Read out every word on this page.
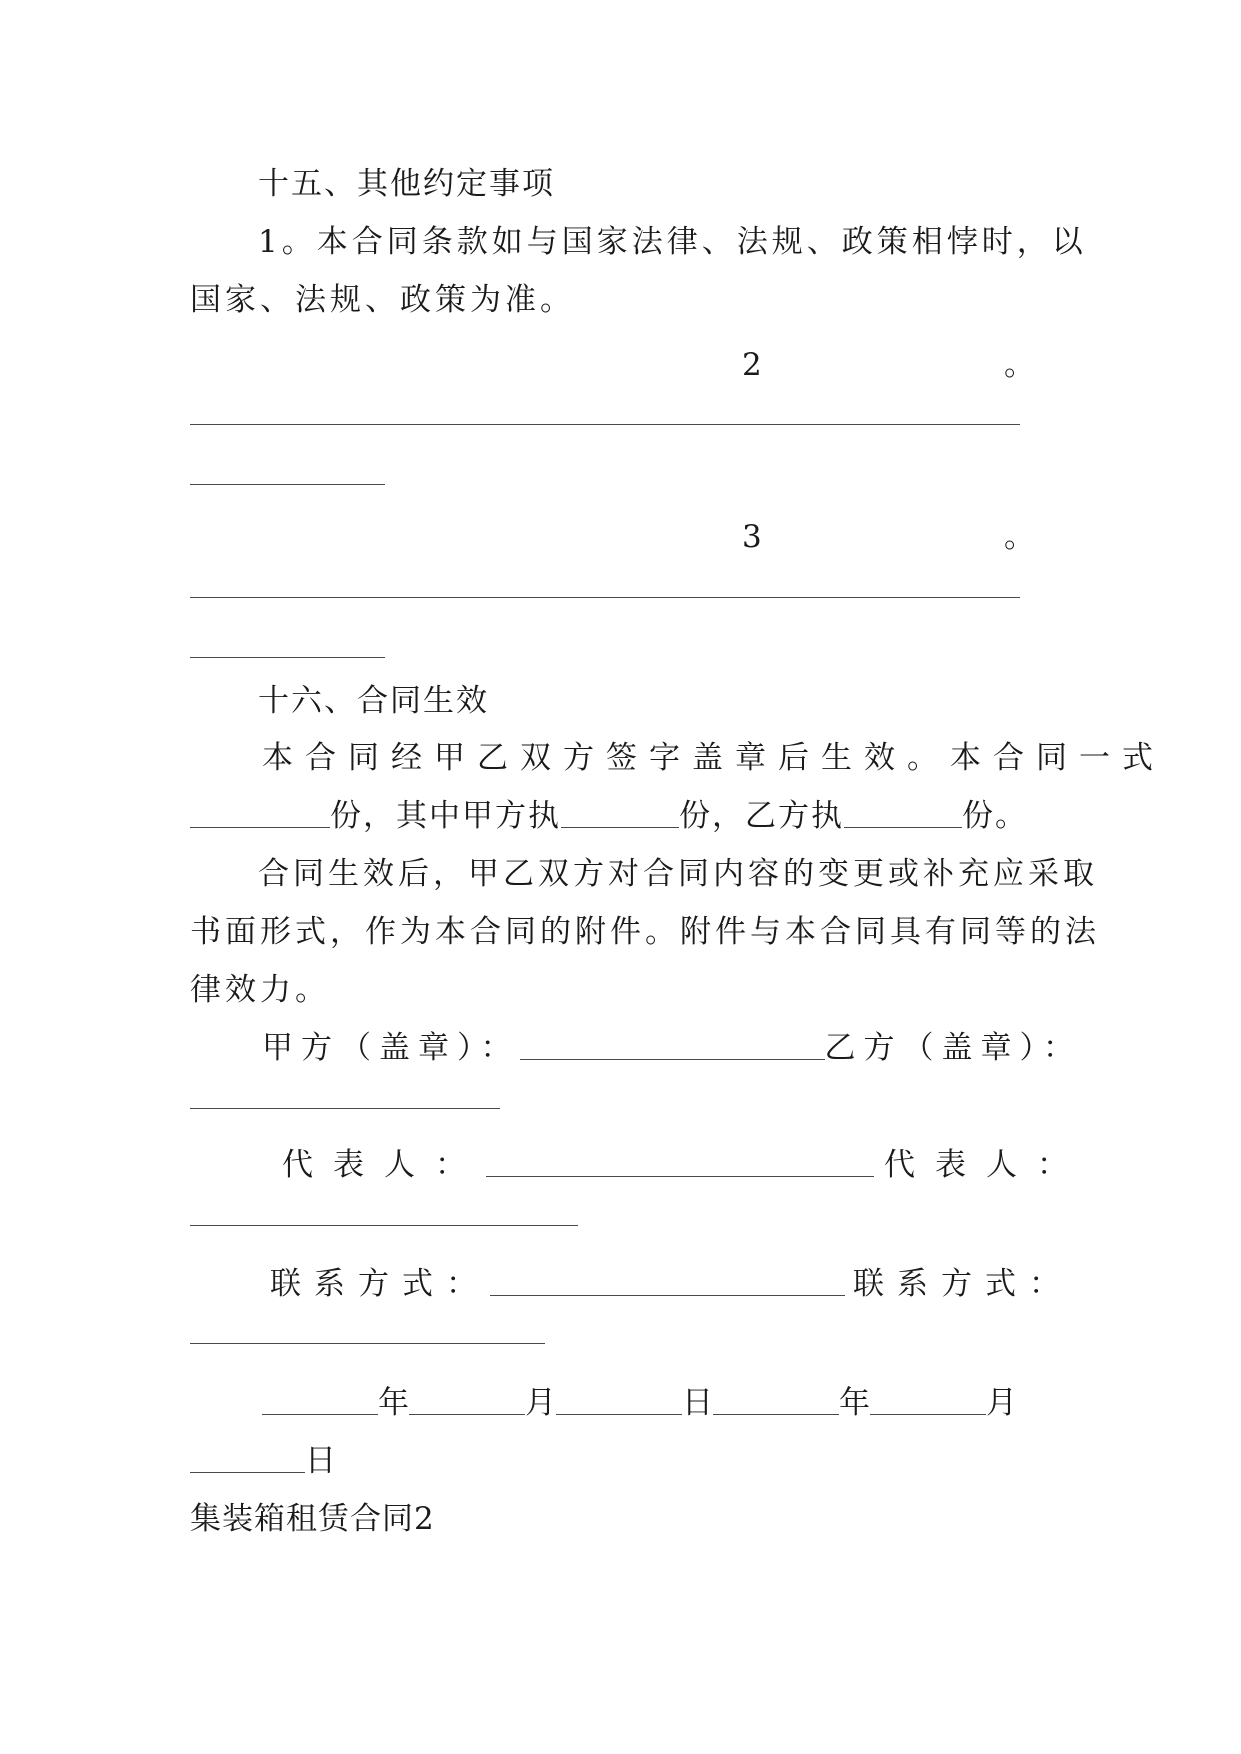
十五、其他约定事项
1。本合同条款如与国家法律、法规、政策相悖时，以
国家、法规、政策为准。
2	。
3	。
十六、合同生效
本合同经甲乙双方签字盖章后生效。本合同一式
份，其中甲方执	份，乙方执	份。
合同生效后，甲乙双方对合同内容的变更或补充应采取
书面形式，作为本合同的附件。附件与本合同具有同等的法
律效力。
甲方（盖章）：	乙方（盖章）：
代表人：	代表人：
联系方式：	联系方式：
年	月	日	年	月
日
集装箱租赁合同2
